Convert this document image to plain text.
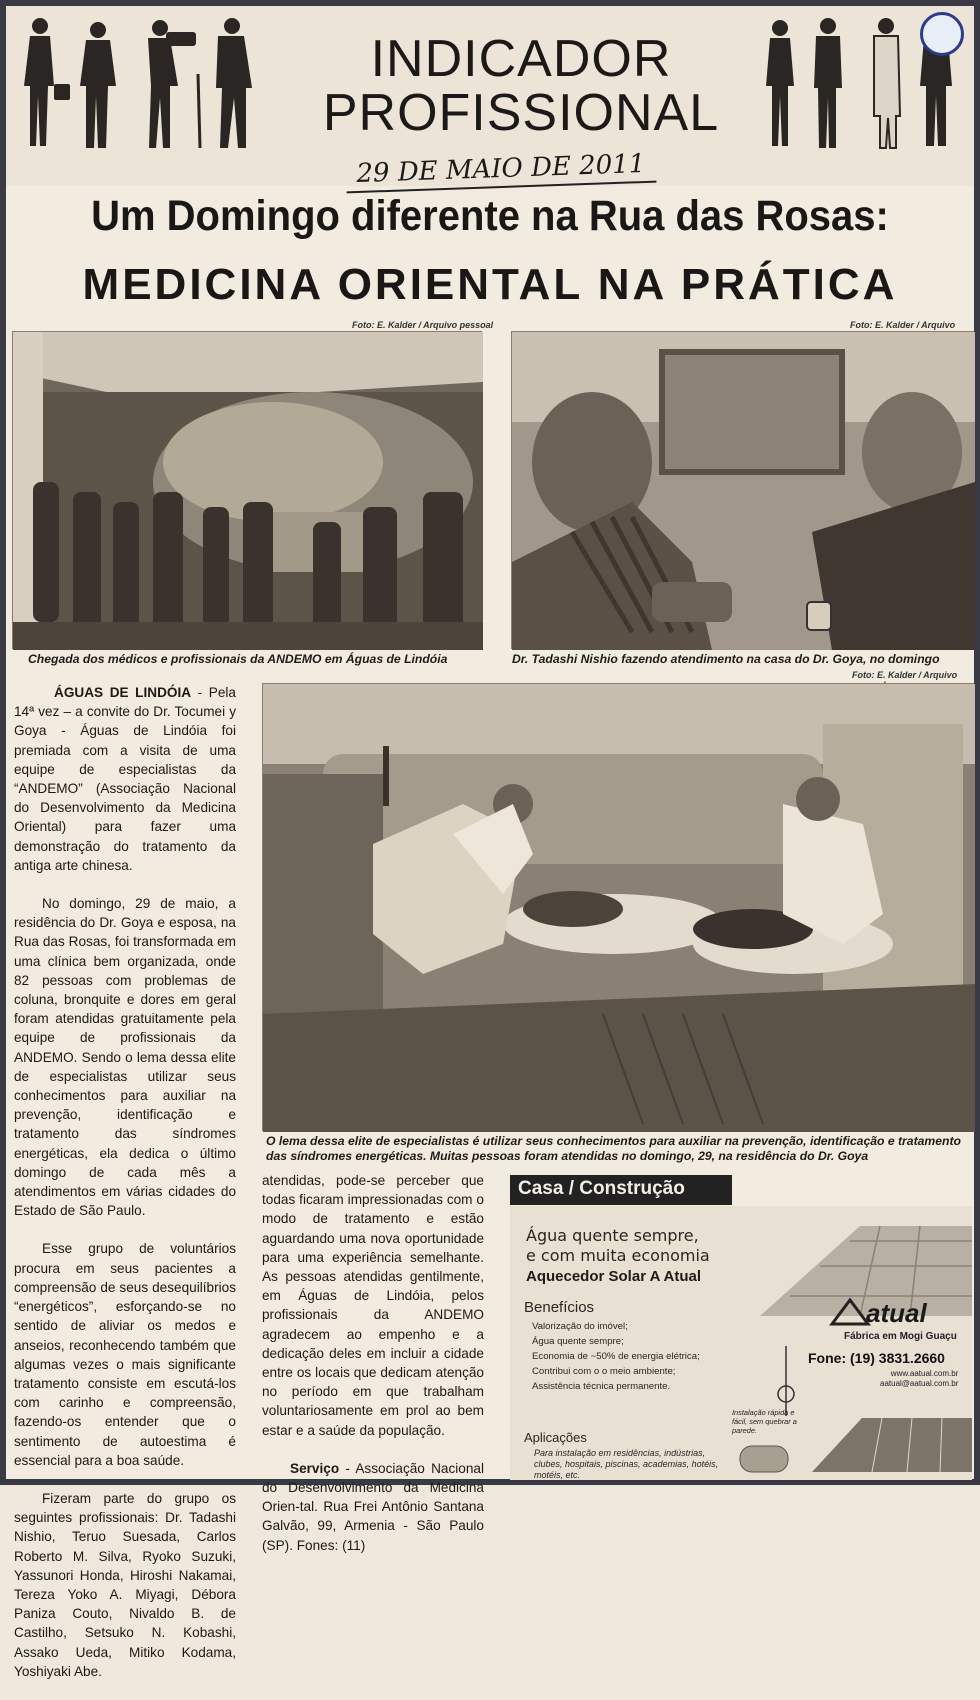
INDICADOR
PROFISSIONAL
29 DE MAIO DE 2011
Um Domingo diferente na Rua das Rosas:
MEDICINA ORIENTAL NA PRÁTICA
Foto: E. Kalder / Arquivo pessoal
Chegada dos médicos e profissionais da ANDEMO em Águas de Lindóia
Foto: E. Kalder / Arquivo
Dr. Tadashi Nishio fazendo atendimento na casa do Dr. Goya, no domingo
Foto: E. Kalder / Arquivo
O lema dessa elite de especialistas é utilizar seus conhecimentos para auxiliar na prevenção, identificação e tratamento das síndromes energéticas. Muitas pessoas foram atendidas no domingo, 29, na residência do Dr. Goya

ÁGUAS DE LINDÓIA - Pela 14ª vez – a convite do Dr. Tocumei y Goya - Águas de Lindóia foi premiada com a visita de uma equipe de especialistas da “ANDEMO” (Associação Nacional do Desenvolvimento da Medicina Oriental) para fazer uma demonstração do tratamento da antiga arte chinesa.

No domingo, 29 de maio, a residência do Dr. Goya e esposa, na Rua das Rosas, foi transformada em uma clínica bem organizada, onde 82 pessoas com problemas de coluna, bronquite e dores em geral foram atendidas gratuitamente pela equipe de profissionais da ANDEMO. Sendo o lema dessa elite de especialistas utilizar seus conhecimentos para auxiliar na prevenção, identificação e tratamento das síndromes energéticas, ela dedica o último domingo de cada mês a atendimentos em várias cidades do Estado de São Paulo.

Esse grupo de voluntários procura em seus pacientes a compreensão de seus desequilíbrios “energéticos”, esforçando-se no sentido de aliviar os medos e anseios, reconhecendo também que algumas vezes o mais significante tratamento consiste em escutá-los com carinho e compreensão, fazendo-os entender que o sentimento de autoestima é essencial para a boa saúde.

Fizeram parte do grupo os seguintes profissionais: Dr. Tadashi Nishio, Teruo Suesada, Carlos Roberto M. Silva, Ryoko Suzuki, Yassunori Honda, Hiroshi Nakamai, Tereza Yoko A. Miyagi, Débora Paniza Couto, Nivaldo B. de Castilho, Setsuko N. Kobashi, Assako Ueda, Mitiko Kodama, Yoshiyaki Abe.

atendidas, pode-se perceber que todas ficaram impressionadas com o modo de tratamento e estão aguardando uma nova oportunidade para uma experiência semelhante. As pessoas atendidas gentilmente, em Águas de Lindóia, pelos profissionais da ANDEMO agradecem ao empenho e a dedicação deles em incluir a cidade entre os locais que dedicam atenção no período em que trabalham voluntariosamente em prol ao bem estar e a saúde da população.

Serviço - Associação Nacional do Desenvolvimento da Medicina Orien-tal. Rua Frei Antônio Santana Galvão, 99, Armenia - São Paulo (SP). Fones: (11)

Casa / Construção
Água quente sempre,
e com muita economia
Aquecedor Solar A Atual
Benefícios
Valorização do imóvel;
Água quente sempre;
Economia de ~50% de energia elétrica;
Contribui com o o meio ambiente;
Assistência técnica permanente.
Aplicações
Para instalação em residências, indústrias, clubes, hospitais, piscinas, academias, hotéis, motéis, etc.
Instalação rápida e fácil, sem quebrar a parede.
atual
Fábrica em Mogi Guaçu
Fone: (19) 3831.2660
www.aatual.com.br
aatual@aatual.com.br
